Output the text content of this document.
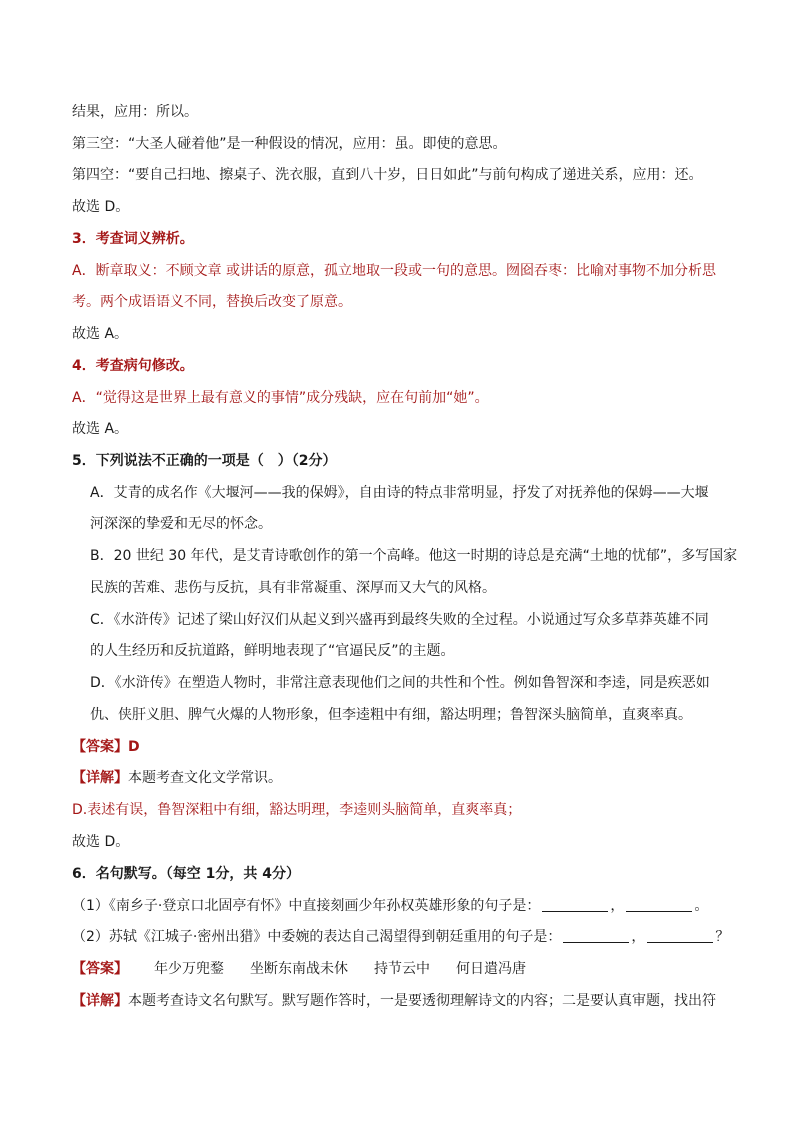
结果，应用：所以。
第三空：“大圣人碰着他”是一种假设的情况，应用：虽。即使的意思。
第四空：“要自己扫地、擦桌子、洗衣服，直到八十岁，日日如此”与前句构成了递进关系，应用：还。
故选 D。
3．考查词义辨析。
A．断章取义：不顾文章 或讲话的原意，孤立地取一段或一句的意思。囫囵吞枣：比喻对事物不加分析思
考。两个成语语义不同，替换后改变了原意。
故选 A。
4．考查病句修改。
A．“觉得这是世界上最有意义的事情”成分残缺，应在句前加“她”。
故选 A。
5．下列说法不正确的一项是（　）（2分）
A．艾青的成名作《大堰河——我的保姆》，自由诗的特点非常明显，抒发了对抚养他的保姆——大堰
河深深的挚爱和无尽的怀念。
B．20 世纪 30 年代，是艾青诗歌创作的第一个高峰。他这一时期的诗总是充满“土地的忧郁”，多写国家
民族的苦难、悲伤与反抗，具有非常凝重、深厚而又大气的风格。
C．《水浒传》记述了梁山好汉们从起义到兴盛再到最终失败的全过程。小说通过写众多草莽英雄不同
的人生经历和反抗道路，鲜明地表现了“官逼民反”的主题。
D．《水浒传》在塑造人物时，非常注意表现他们之间的共性和个性。例如鲁智深和李逵，同是疾恶如
仇、侠肝义胆、脾气火爆的人物形象，但李逵粗中有细，豁达明理；鲁智深头脑简单，直爽率真。
【答案】D
【详解】本题考查文化文学常识。
D.表述有误，鲁智深粗中有细，豁达明理，李逵则头脑简单，直爽率真；
故选 D。
6．名句默写。（每空 1分，共 4分）
（1）《南乡子·登京口北固亭有怀》中直接刻画少年孙权英雄形象的句子是：	，	。
（2）苏轼《江城子·密州出猎》中委婉的表达自己渴望得到朝廷重用的句子是：	，	？
【答案】 年少万兜鍪 坐断东南战未休 持节云中 何日遣冯唐
【详解】本题考查诗文名句默写。默写题作答时，一是要透彻理解诗文的内容；二是要认真审题，找出符
